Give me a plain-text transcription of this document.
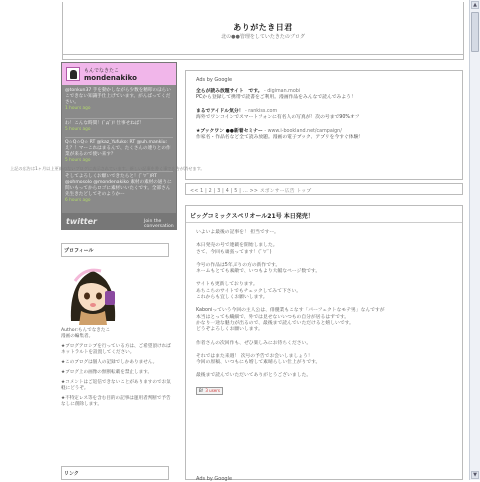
ありがたき日君
北の●●管理をしていたきたのブログ
もんでなきたこ
mondenakiko
@tonkun37 手を動かしながら少数を精叩のほらいこできない知識手仕上げています。がんばってください。
1 hours ago
わ！こんな時間！(ﾟдﾟ)! 仕事せねば！
5 hours ago
Q☆Q☆Q☆ RT @kaz_Yufuko: RT @uh.mankiu: え？！マーこれはまるんで、たくさんの連りとの作業が来るので使い来す？
5 hours ago
そしてよろしくお願いできたらと！(ﾟ∀ﾟ)RT @ohmosolo @mondenakiko 素材の素材の通りに問いもってからロゴに素材いいたくです。全部さん先生きたどしてそのようかー
6 hours ago
twitter	Join the conversation
プロフィール

Author:もんでなきたこ
漫画の編集者。

★ブログアロシブを行っている方は、ご希望頂ければネットラルトを設置してください。

★このブログは個人の記録でしかありません。

★ブログ上の画像の無断転載を禁止します。

★コメントはご返信できないことがありますのでお気軽にどうぞ。

★不特定レス等を含む目的の記事は運用者判断で予告なしに削除します。

リンク
Ads by Google
全らが読み放題サイト　です。 - digiman.mobi
PCから登録して携帯で読書をご利用。漫画作品をみんなで読んでみよう！
まるでアイドル気分！ - rankiss.com
海外でワンコインでスマートフォンに有名人の写真が！次の号まで90%オフ
★ブックワン ●●新着セミナー - www.i-bookland.net/campaign/
作家名・作品名など全て読み放題。漫画の電子ブック、アプリを今すぐ体験！
上記の広告は1ヶ月以上更新のないブログに表示されています。新しい記事を書く事で広告が消せます。
<< 1 | 2 | 3 | 4 | 5 | ... >> スポンサー広告 トップ
ビッグコミックスペリオール21号 本日発売！

いよいよ最後の記事を！ 担当ですー。

本日発売の号で連載を開始しました。
さて、今回も頑張ってます！(ﾟ∀ﾟ)

今号の作品は5年ぶりの方の新作です。
ネームもとても素敵で、いつもより大幅なページ数です。

サイトも更新しております。
あちこちのサイトでもチェックしてみて下さい。
これからも宜しくお願いします。

Kaboniっていう今回の主人公は、俳優業もこなす「パーフェクトなモテ男」なんですが
本当はとっても繊細で、外では見せないいつもの自分が居るはずです。
かなり一途な魅力が出るので、最後まで読んでいただけると嬉しいです。
どうぞよろしくお願いします。

作者さんの次回作も、ぜひ楽しみにお待ちください。

それではまた来週！ 次号の予告でお会いしましょう！
今回の原稿、いつもにも増して素晴らしい仕上がりです。

最後まで読んでいただいてありがとうございました。

B! 3 users
Ads by Google
▲
▼
